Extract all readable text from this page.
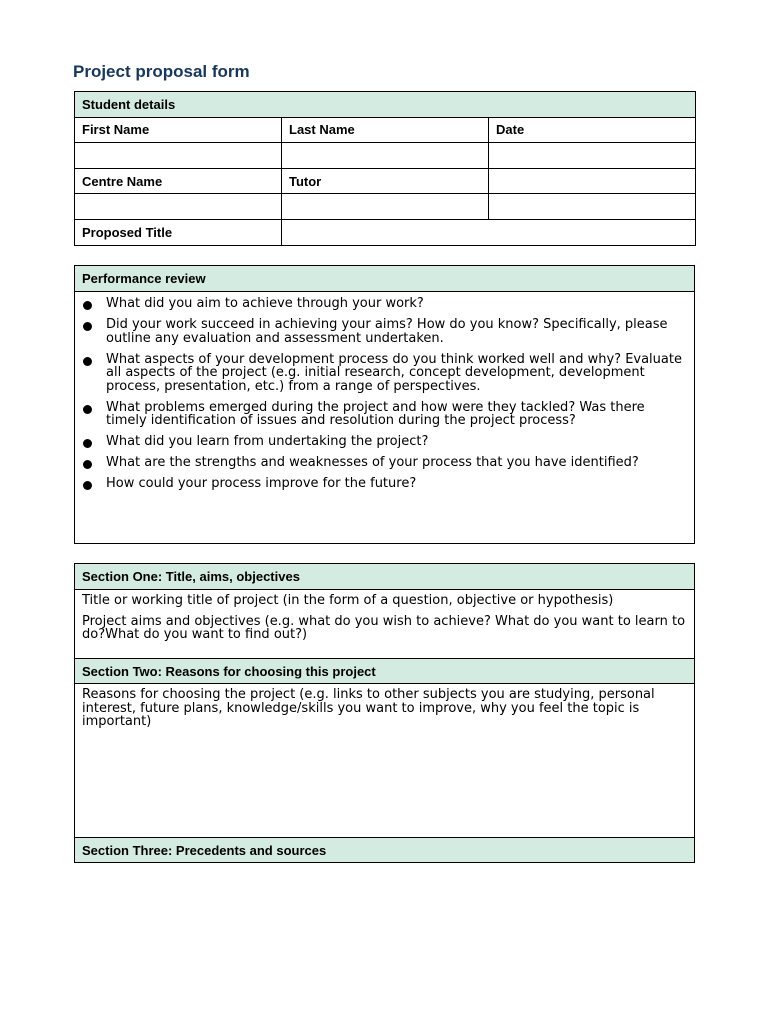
Project proposal form
Student details		
First Name	Last Name	Date

Centre Name	Tutor	

Proposed Title		
Performance review

What did you aim to achieve through your work?
Did your work succeed in achieving your aims? How do you know? Specifically, please outline any evaluation and assessment undertaken.
What aspects of your development process do you think worked well and why? Evaluate all aspects of the project (e.g. initial research, concept development, development process, presentation, etc.) from a range of perspectives.
What problems emerged during the project and how were they tackled? Was there timely identification of issues and resolution during the project process?
What did you learn from undertaking the project?
What are the strengths and weaknesses of your process that you have identified?
How could your process improve for the future?
Section One: Title, aims, objectives

Title or working title of project (in the form of a question, objective or hypothesis)

Project aims and objectives (e.g. what do you wish to achieve? What do you want to learn to do?What do you want to find out?)

Section Two: Reasons for choosing this project

Reasons for choosing the project (e.g. links to other subjects you are studying, personal interest, future plans, knowledge/skills you want to improve, why you feel the topic is important)

Section Three: Precedents and sources
